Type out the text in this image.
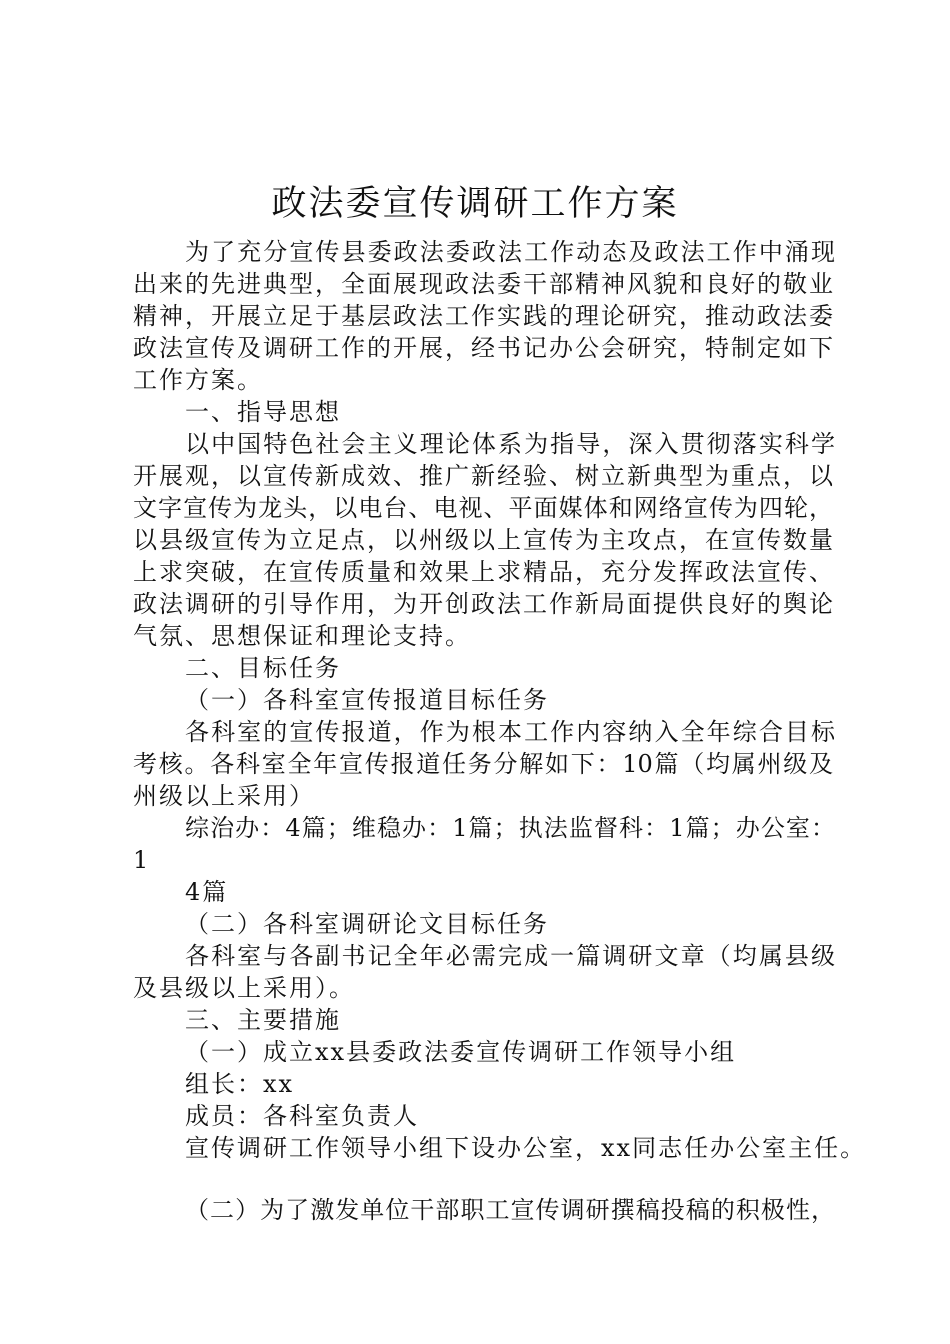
政法委宣传调研工作方案

为了充分宣传县委政法委政法工作动态及政法工作中涌现

出来的先进典型，全面展现政法委干部精神风貌和良好的敬业

精神，开展立足于基层政法工作实践的理论研究，推动政法委

政法宣传及调研工作的开展，经书记办公会研究，特制定如下

工作方案。

一、指导思想

以中国特色社会主义理论体系为指导，深入贯彻落实科学

开展观，以宣传新成效、推广新经验、树立新典型为重点，以

文字宣传为龙头，以电台、电视、平面媒体和网络宣传为四轮，

以县级宣传为立足点，以州级以上宣传为主攻点，在宣传数量

上求突破，在宣传质量和效果上求精品，充分发挥政法宣传、

政法调研的引导作用，为开创政法工作新局面提供良好的舆论

气氛、思想保证和理论支持。

二、目标任务

（一）各科室宣传报道目标任务

各科室的宣传报道，作为根本工作内容纳入全年综合目标

考核。各科室全年宣传报道任务分解如下：10篇（均属州级及

州级以上采用）

综治办：4篇；维稳办：1篇；执法监督科：1篇；办公室：

1

4篇

（二）各科室调研论文目标任务

各科室与各副书记全年必需完成一篇调研文章（均属县级

及县级以上采用）。

三、主要措施

（一）成立xx县委政法委宣传调研工作领导小组

组长：xx

成员：各科室负责人

宣传调研工作领导小组下设办公室，xx同志任办公室主任。

（二）为了激发单位干部职工宣传调研撰稿投稿的积极性，
